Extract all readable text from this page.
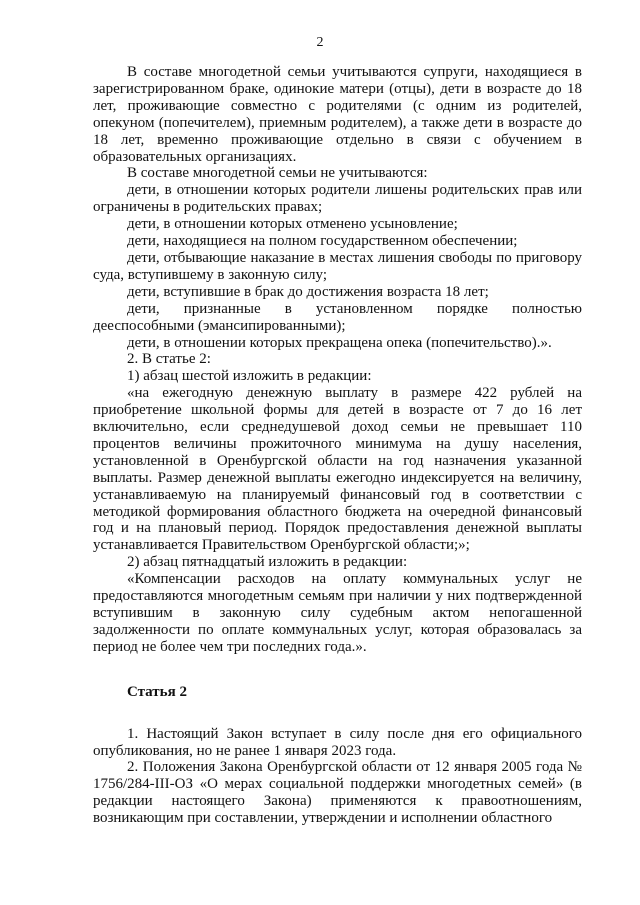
2

В составе многодетной семьи учитываются супруги, находящиеся в зарегистрированном браке, одинокие матери (отцы), дети в возрасте до 18 лет, проживающие совместно с родителями (с одним из родителей, опекуном (попечителем), приемным родителем), а также дети в возрасте до 18 лет, временно проживающие отдельно в связи с обучением в образовательных организациях.

В составе многодетной семьи не учитываются:

дети, в отношении которых родители лишены родительских прав или ограничены в родительских правах;

дети, в отношении которых отменено усыновление;

дети, находящиеся на полном государственном обеспечении;

дети, отбывающие наказание в местах лишения свободы по приговору суда, вступившему в законную силу;

дети, вступившие в брак до достижения возраста 18 лет;

дети, признанные в установленном порядке полностью дееспособными (эмансипированными);

дети, в отношении которых прекращена опека (попечительство).».

2. В статье 2:

1) абзац шестой изложить в редакции:

«на ежегодную денежную выплату в размере 422 рублей на приобретение школьной формы для детей в возрасте от 7 до 16 лет включительно, если среднедушевой доход семьи не превышает 110 процентов величины прожиточного минимума на душу населения, установленной в Оренбургской области на год назначения указанной выплаты. Размер денежной выплаты ежегодно индексируется на величину, устанавливаемую на планируемый финансовый год в соответствии с методикой формирования областного бюджета на очередной финансовый год и на плановый период. Порядок предоставления денежной выплаты устанавливается Правительством Оренбургской области;»;

2) абзац пятнадцатый изложить в редакции:

«Компенсации расходов на оплату коммунальных услуг не предоставляются многодетным семьям при наличии у них подтвержденной вступившим в законную силу судебным актом непогашенной задолженности по оплате коммунальных услуг, которая образовалась за период не более чем три последних года.».

Статья 2

1. Настоящий Закон вступает в силу после дня его официального опубликования, но не ранее 1 января 2023 года.

2. Положения Закона Оренбургской области от 12 января 2005 года № 1756/284-III-ОЗ «О мерах социальной поддержки многодетных семей» (в редакции настоящего Закона) применяются к правоотношениям, возникающим при составлении, утверждении и исполнении областного
